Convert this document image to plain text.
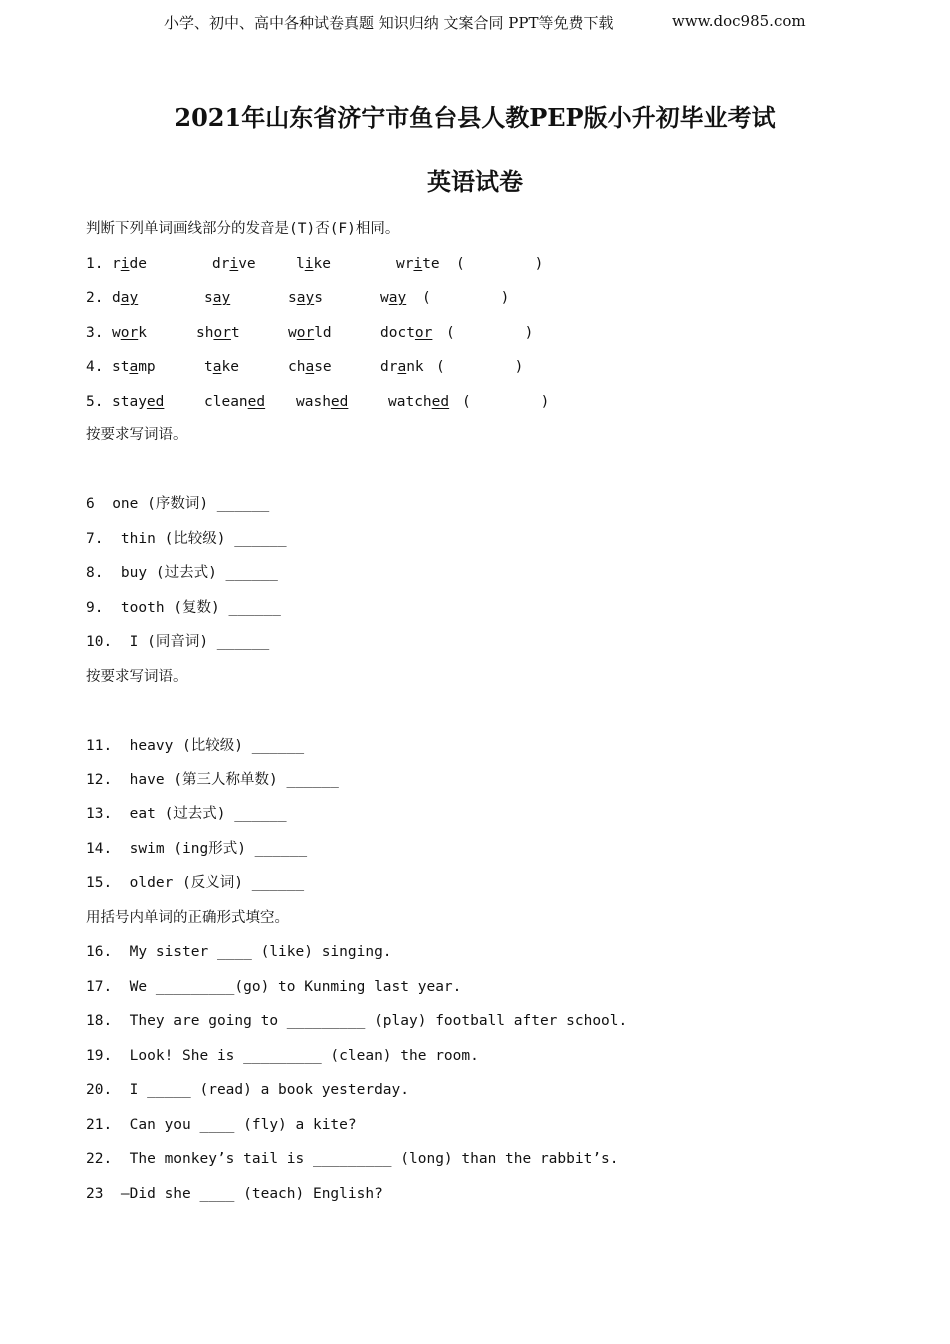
小学、初中、高中各种试卷真题 知识归纳 文案合同 PPT等免费下载	www.doc985.com
2021年山东省济宁市鱼台县人教PEP版小升初毕业考试
英语试卷
判断下列单词画线部分的发音是(T)否(F)相同。
1. ride	drive	like	write (        )
2. day	say	says	way (        )
3. work	short	world	doctor (        )
4. stamp	take	chase	drank (        )
5. stayed	cleaned washed	watched (        )
按要求写词语。
6  one (序数词) ______
7.  thin (比较级) ______
8.  buy (过去式) ______
9.  tooth (复数) ______
10.  I (同音词) ______
按要求写词语。
11.  heavy (比较级) ______
12.  have (第三人称单数) ______
13.  eat (过去式) ______
14.  swim (ing形式) ______
15.  older (反义词) ______
用括号内单词的正确形式填空。
16.  My sister ____ (like) singing.
17.  We _________(go) to Kunming last year.
18.  They are going to _________ (play) football after school.
19.  Look! She is _________ (clean) the room.
20.  I _____ (read) a book yesterday.
21.  Can you ____ (fly) a kite?
22.  The monkey’s tail is _________ (long) than the rabbit’s.
23  —Did she ____ (teach) English?
